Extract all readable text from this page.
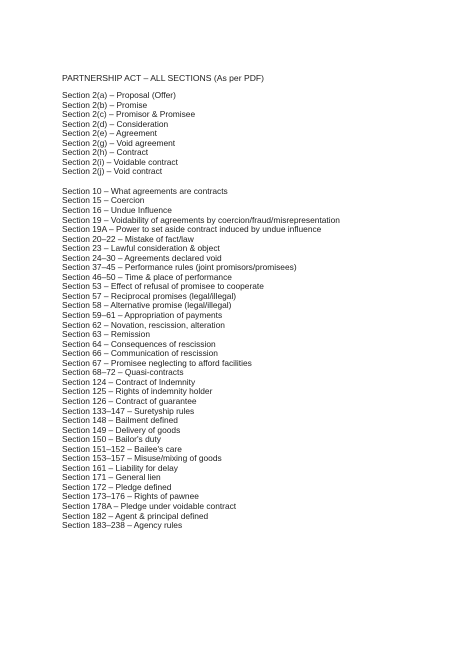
PARTNERSHIP ACT – ALL SECTIONS (As per PDF)
Section 2(a) – Proposal (Offer)
Section 2(b) – Promise
Section 2(c) – Promisor & Promisee
Section 2(d) – Consideration
Section 2(e) – Agreement
Section 2(g) – Void agreement
Section 2(h) – Contract
Section 2(i) – Voidable contract
Section 2(j) – Void contract
Section 10 – What agreements are contracts
Section 15 – Coercion
Section 16 – Undue Influence
Section 19 – Voidability of agreements by coercion/fraud/misrepresentation
Section 19A – Power to set aside contract induced by undue influence
Section 20–22 – Mistake of fact/law
Section 23 – Lawful consideration & object
Section 24–30 – Agreements declared void
Section 37–45 – Performance rules (joint promisors/promisees)
Section 46–50 – Time & place of performance
Section 53 – Effect of refusal of promisee to cooperate
Section 57 – Reciprocal promises (legal/illegal)
Section 58 – Alternative promise (legal/illegal)
Section 59–61 – Appropriation of payments
Section 62 – Novation, rescission, alteration
Section 63 – Remission
Section 64 – Consequences of rescission
Section 66 – Communication of rescission
Section 67 – Promisee neglecting to afford facilities
Section 68–72 – Quasi-contracts
Section 124 – Contract of Indemnity
Section 125 – Rights of indemnity holder
Section 126 – Contract of guarantee
Section 133–147 – Suretyship rules
Section 148 – Bailment defined
Section 149 – Delivery of goods
Section 150 – Bailor's duty
Section 151–152 – Bailee's care
Section 153–157 – Misuse/mixing of goods
Section 161 – Liability for delay
Section 171 – General lien
Section 172 – Pledge defined
Section 173–176 – Rights of pawnee
Section 178A – Pledge under voidable contract
Section 182 – Agent & principal defined
Section 183–238 – Agency rules
